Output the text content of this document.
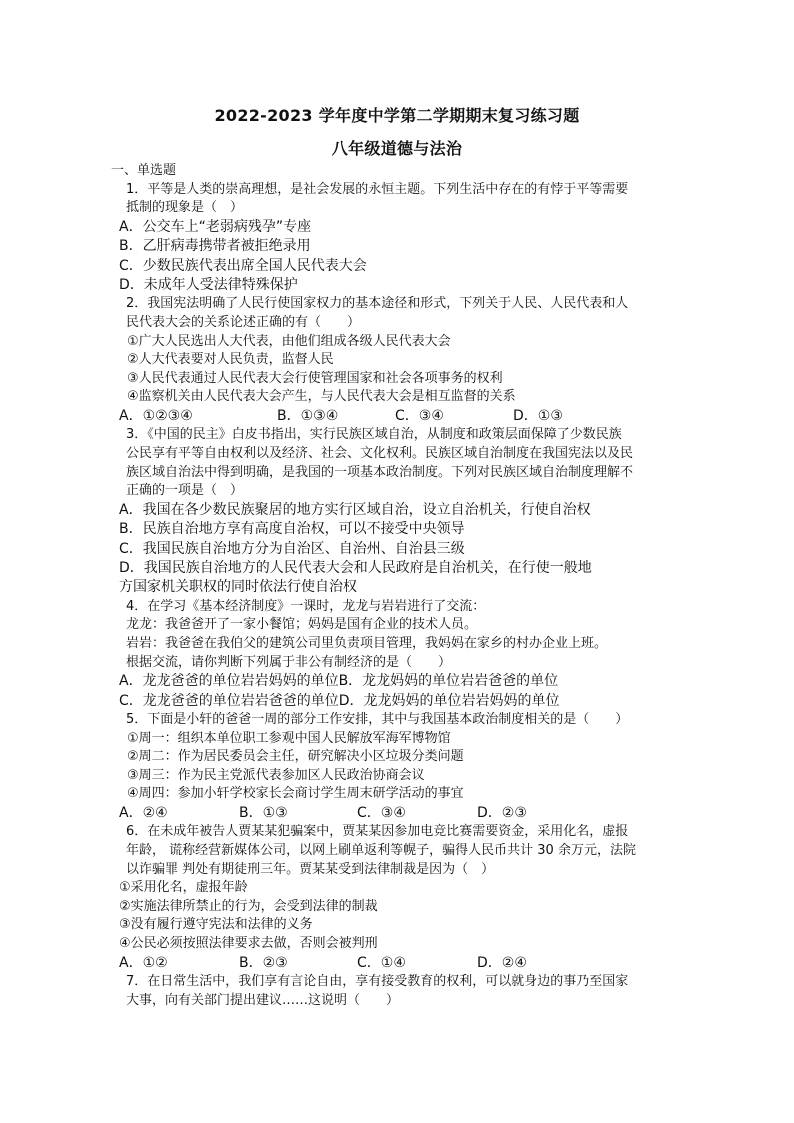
2022-2023 学年度中学第二学期期末复习练习题
八年级道德与法治
一、单选题
1．平等是人类的崇高理想，是社会发展的永恒主题。下列生活中存在的有悖于平等需要
抵制的现象是（　）
A．公交车上“老弱病残孕”专座
B．乙肝病毒携带者被拒绝录用
C．少数民族代表出席全国人民代表大会
D．未成年人受法律特殊保护
2．我国宪法明确了人民行使国家权力的基本途径和形式，下列关于人民、人民代表和人
民代表大会的关系论述正确的有（　　）
①广大人民选出人大代表，由他们组成各级人民代表大会
②人大代表要对人民负责，监督人民
③人民代表通过人民代表大会行使管理国家和社会各项事务的权利
④监察机关由人民代表大会产生，与人民代表大会是相互监督的关系
A．①②③④	B．①③④	C．③④	D．①③
3．《中国的民主》白皮书指出，实行民族区域自治，从制度和政策层面保障了少数民族
公民享有平等自由权利以及经济、社会、文化权利。民族区域自治制度在我国宪法以及民
族区域自治法中得到明确，是我国的一项基本政治制度。下列对民族区域自治制度理解不
正确的一项是（　）
A．我国在各少数民族聚居的地方实行区域自治，设立自治机关，行使自治权
B．民族自治地方享有高度自治权，可以不接受中央领导
C．我国民族自治地方分为自治区、自治州、自治县三级
D．我国民族自治地方的人民代表大会和人民政府是自治机关，在行使一般地
方国家机关职权的同时依法行使自治权
4．在学习《基本经济制度》一课时，龙龙与岩岩进行了交流：
龙龙：我爸爸开了一家小餐馆；妈妈是国有企业的技术人员。
岩岩：我爸爸在我伯父的建筑公司里负责项目管理，我妈妈在家乡的村办企业上班。
根据交流，请你判断下列属于非公有制经济的是（　　）
A．龙龙爸爸的单位岩岩妈妈的单位B．龙龙妈妈的单位岩岩爸爸的单位
C．龙龙爸爸的单位岩岩爸爸的单位D．龙龙妈妈的单位岩岩妈妈的单位
5．下面是小轩的爸爸一周的部分工作安排，其中与我国基本政治制度相关的是（　　）
①周一：组织本单位职工参观中国人民解放军海军博物馆
②周二：作为居民委员会主任，研究解决小区垃圾分类问题
③周三：作为民主党派代表参加区人民政治协商会议
④周四：参加小轩学校家长会商讨学生周末研学活动的事宜
A．②④	B．①③	C．③④	D．②③
6．在未成年被告人贾某某犯骗案中，贾某某因参加电竞比赛需要资金，采用化名，虚报
年龄， 谎称经营新媒体公司，以网上刷单返利等幌子，骗得人民币共计 30 余万元，法院
以诈骗罪 判处有期徒刑三年。贾某某受到法律制裁是因为（　）
①采用化名，虚报年龄
②实施法律所禁止的行为，会受到法律的制裁
③没有履行遵守宪法和法律的义务
④公民必须按照法律要求去做，否则会被判刑
A．①②	B．②③	C．①④	D．②④
7．在日常生活中，我们享有言论自由，享有接受教育的权利，可以就身边的事乃至国家
大事，向有关部门提出建议……这说明（　　）
